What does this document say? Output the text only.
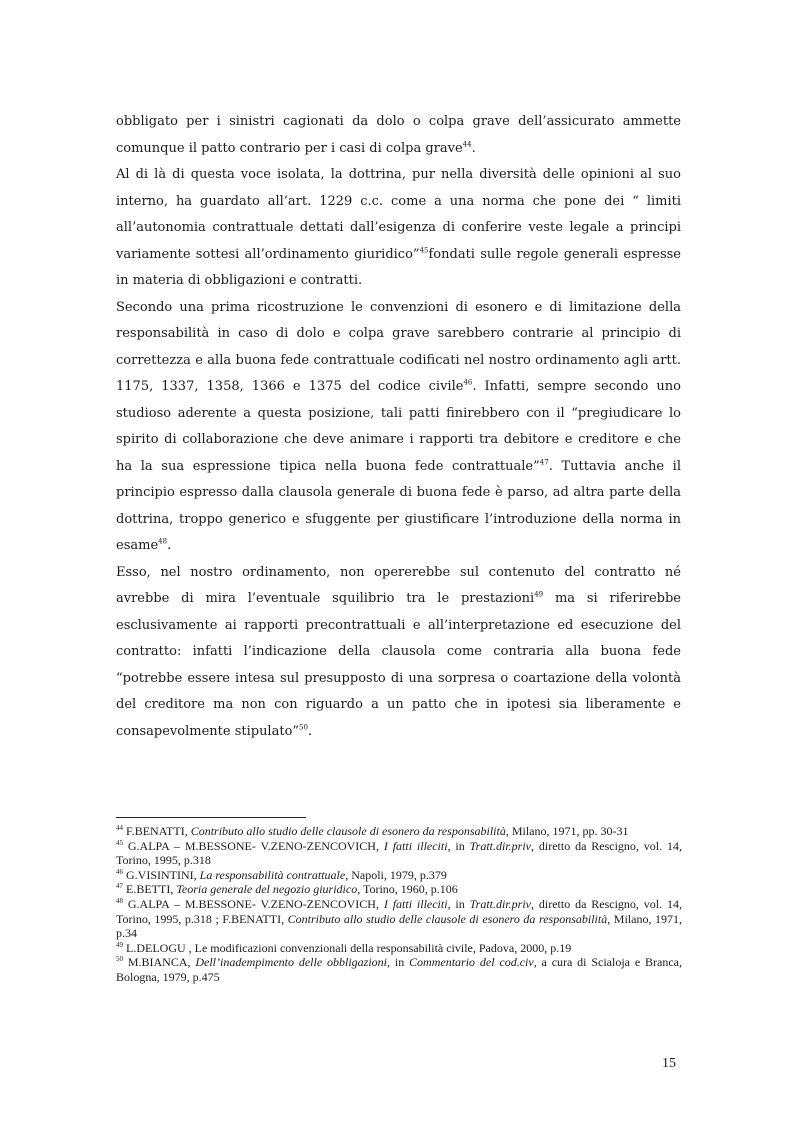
obbligato per i sinistri cagionati da dolo o colpa grave dell’assicurato ammette comunque il patto contrario per i casi di colpa grave$^{44}$.

Al di là di questa voce isolata, la dottrina, pur nella diversità delle opinioni al suo interno, ha guardato all’art. 1229 c.c. come a una norma che pone dei “ limiti all’autonomia contrattuale dettati dall’esigenza di conferire veste legale a principi variamente sottesi all’ordinamento giuridico”$^{45}$fondati sulle regole generali espresse in materia di obbligazioni e contratti.

Secondo una prima ricostruzione le convenzioni di esonero e di limitazione della responsabilità in caso di dolo e colpa grave sarebbero contrarie al principio di correttezza e alla buona fede contrattuale codificati nel nostro ordinamento agli artt. 1175, 1337, 1358, 1366 e 1375 del codice civile$^{46}$. Infatti, sempre secondo uno studioso aderente a questa posizione, tali patti finirebbero con il “pregiudicare lo spirito di collaborazione che deve animare i rapporti tra debitore e creditore e che ha la sua espressione tipica nella buona fede contrattuale”$^{47}$. Tuttavia anche il principio espresso dalla clausola generale di buona fede è parso, ad altra parte della dottrina, troppo generico e sfuggente per giustificare l’introduzione della norma in esame$^{48}$.

Esso, nel nostro ordinamento, non opererebbe sul contenuto del contratto né avrebbe di mira l’eventuale squilibrio tra le prestazioni$^{49}$ ma si riferirebbe esclusivamente ai rapporti precontrattuali e all’interpretazione ed esecuzione del contratto: infatti l’indicazione della clausola come contraria alla buona fede “potrebbe essere intesa sul presupposto di una sorpresa o coartazione della volontà del creditore ma non con riguardo a un patto che in ipotesi sia liberamente e consapevolmente stipulato”$^{50}$.

$^{44}$ F.BENATTI, Contributo allo studio delle clausole di esonero da responsabilità, Milano, 1971, pp. 30-31

$^{45}$ G.ALPA – M.BESSONE- V.ZENO-ZENCOVICH, I fatti illeciti, in Tratt.dir.priv, diretto da Rescigno, vol. 14, Torino, 1995, p.318

$^{46}$ G.VISINTINI, La responsabilità contrattuale, Napoli, 1979, p.379

$^{47}$ E.BETTI, Teoria generale del negozio giuridico, Torino, 1960, p.106

$^{48}$ G.ALPA – M.BESSONE- V.ZENO-ZENCOVICH, I fatti illeciti, in Tratt.dir.priv, diretto da Rescigno, vol. 14, Torino, 1995, p.318 ; F.BENATTI, Contributo allo studio delle clausole di esonero da responsabilità, Milano, 1971, p.34

$^{49}$ L.DELOGU , Le modificazioni convenzionali della responsabilità civile, Padova, 2000, p.19

$^{50}$ M.BIANCA, Dell’inadempimento delle obbligazioni, in Commentario del cod.civ, a cura di Scialoja e Branca, Bologna, 1979, p.475

15
